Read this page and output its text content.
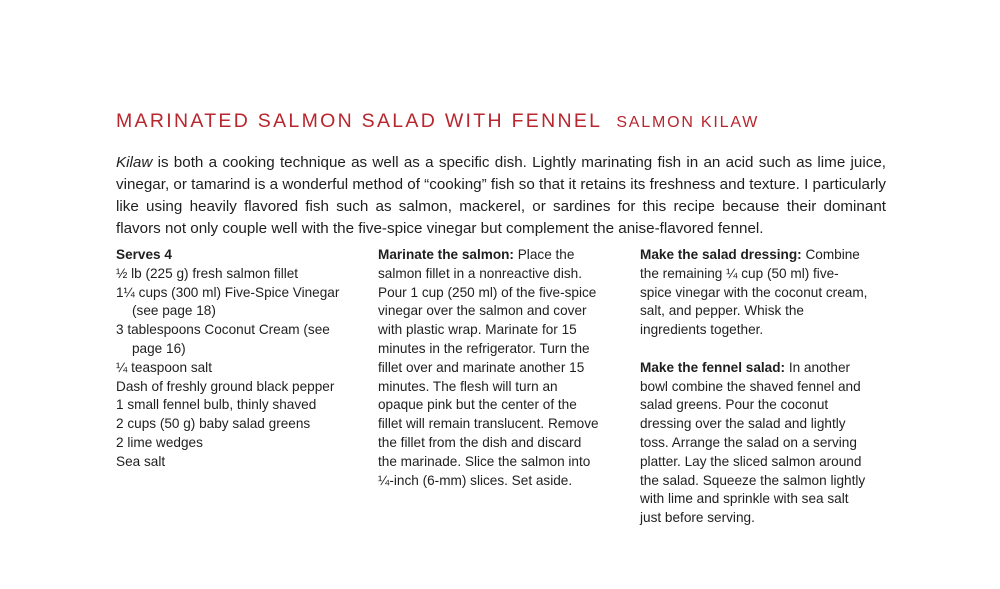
MARINATED SALMON SALAD WITH FENNEL SALMON KILAW

Kilaw is both a cooking technique as well as a specific dish. Lightly marinating fish in an acid such as lime juice, vinegar, or tamarind is a wonderful method of “cooking” fish so that it retains its freshness and texture. I particularly like using heavily flavored fish such as salmon, mackerel, or sardines for this recipe because their dominant flavors not only couple well with the five-spice vinegar but complement the anise-flavored fennel.

Serves 4
½ lb (225 g) fresh salmon fillet
1¼ cups (300 ml) Five-Spice Vinegar (see page 18)
3 tablespoons Coconut Cream (see page 16)
¼ teaspoon salt
Dash of freshly ground black pepper
1 small fennel bulb, thinly shaved
2 cups (50 g) baby salad greens
2 lime wedges
Sea salt

Marinate the salmon: Place the salmon fillet in a nonreactive dish. Pour 1 cup (250 ml) of the five-spice vinegar over the salmon and cover with plastic wrap. Marinate for 15 minutes in the refrigerator. Turn the fillet over and marinate another 15 minutes. The flesh will turn an opaque pink but the center of the fillet will remain translucent. Remove the fillet from the dish and discard the marinade. Slice the salmon into ¼-inch (6-mm) slices. Set aside.

Make the salad dressing: Combine the remaining ¼ cup (50 ml) five-spice vinegar with the coconut cream, salt, and pepper. Whisk the ingredients together.

Make the fennel salad: In another bowl combine the shaved fennel and salad greens. Pour the coconut dressing over the salad and lightly toss. Arrange the salad on a serving platter. Lay the sliced salmon around the salad. Squeeze the salmon lightly with lime and sprinkle with sea salt just before serving.
